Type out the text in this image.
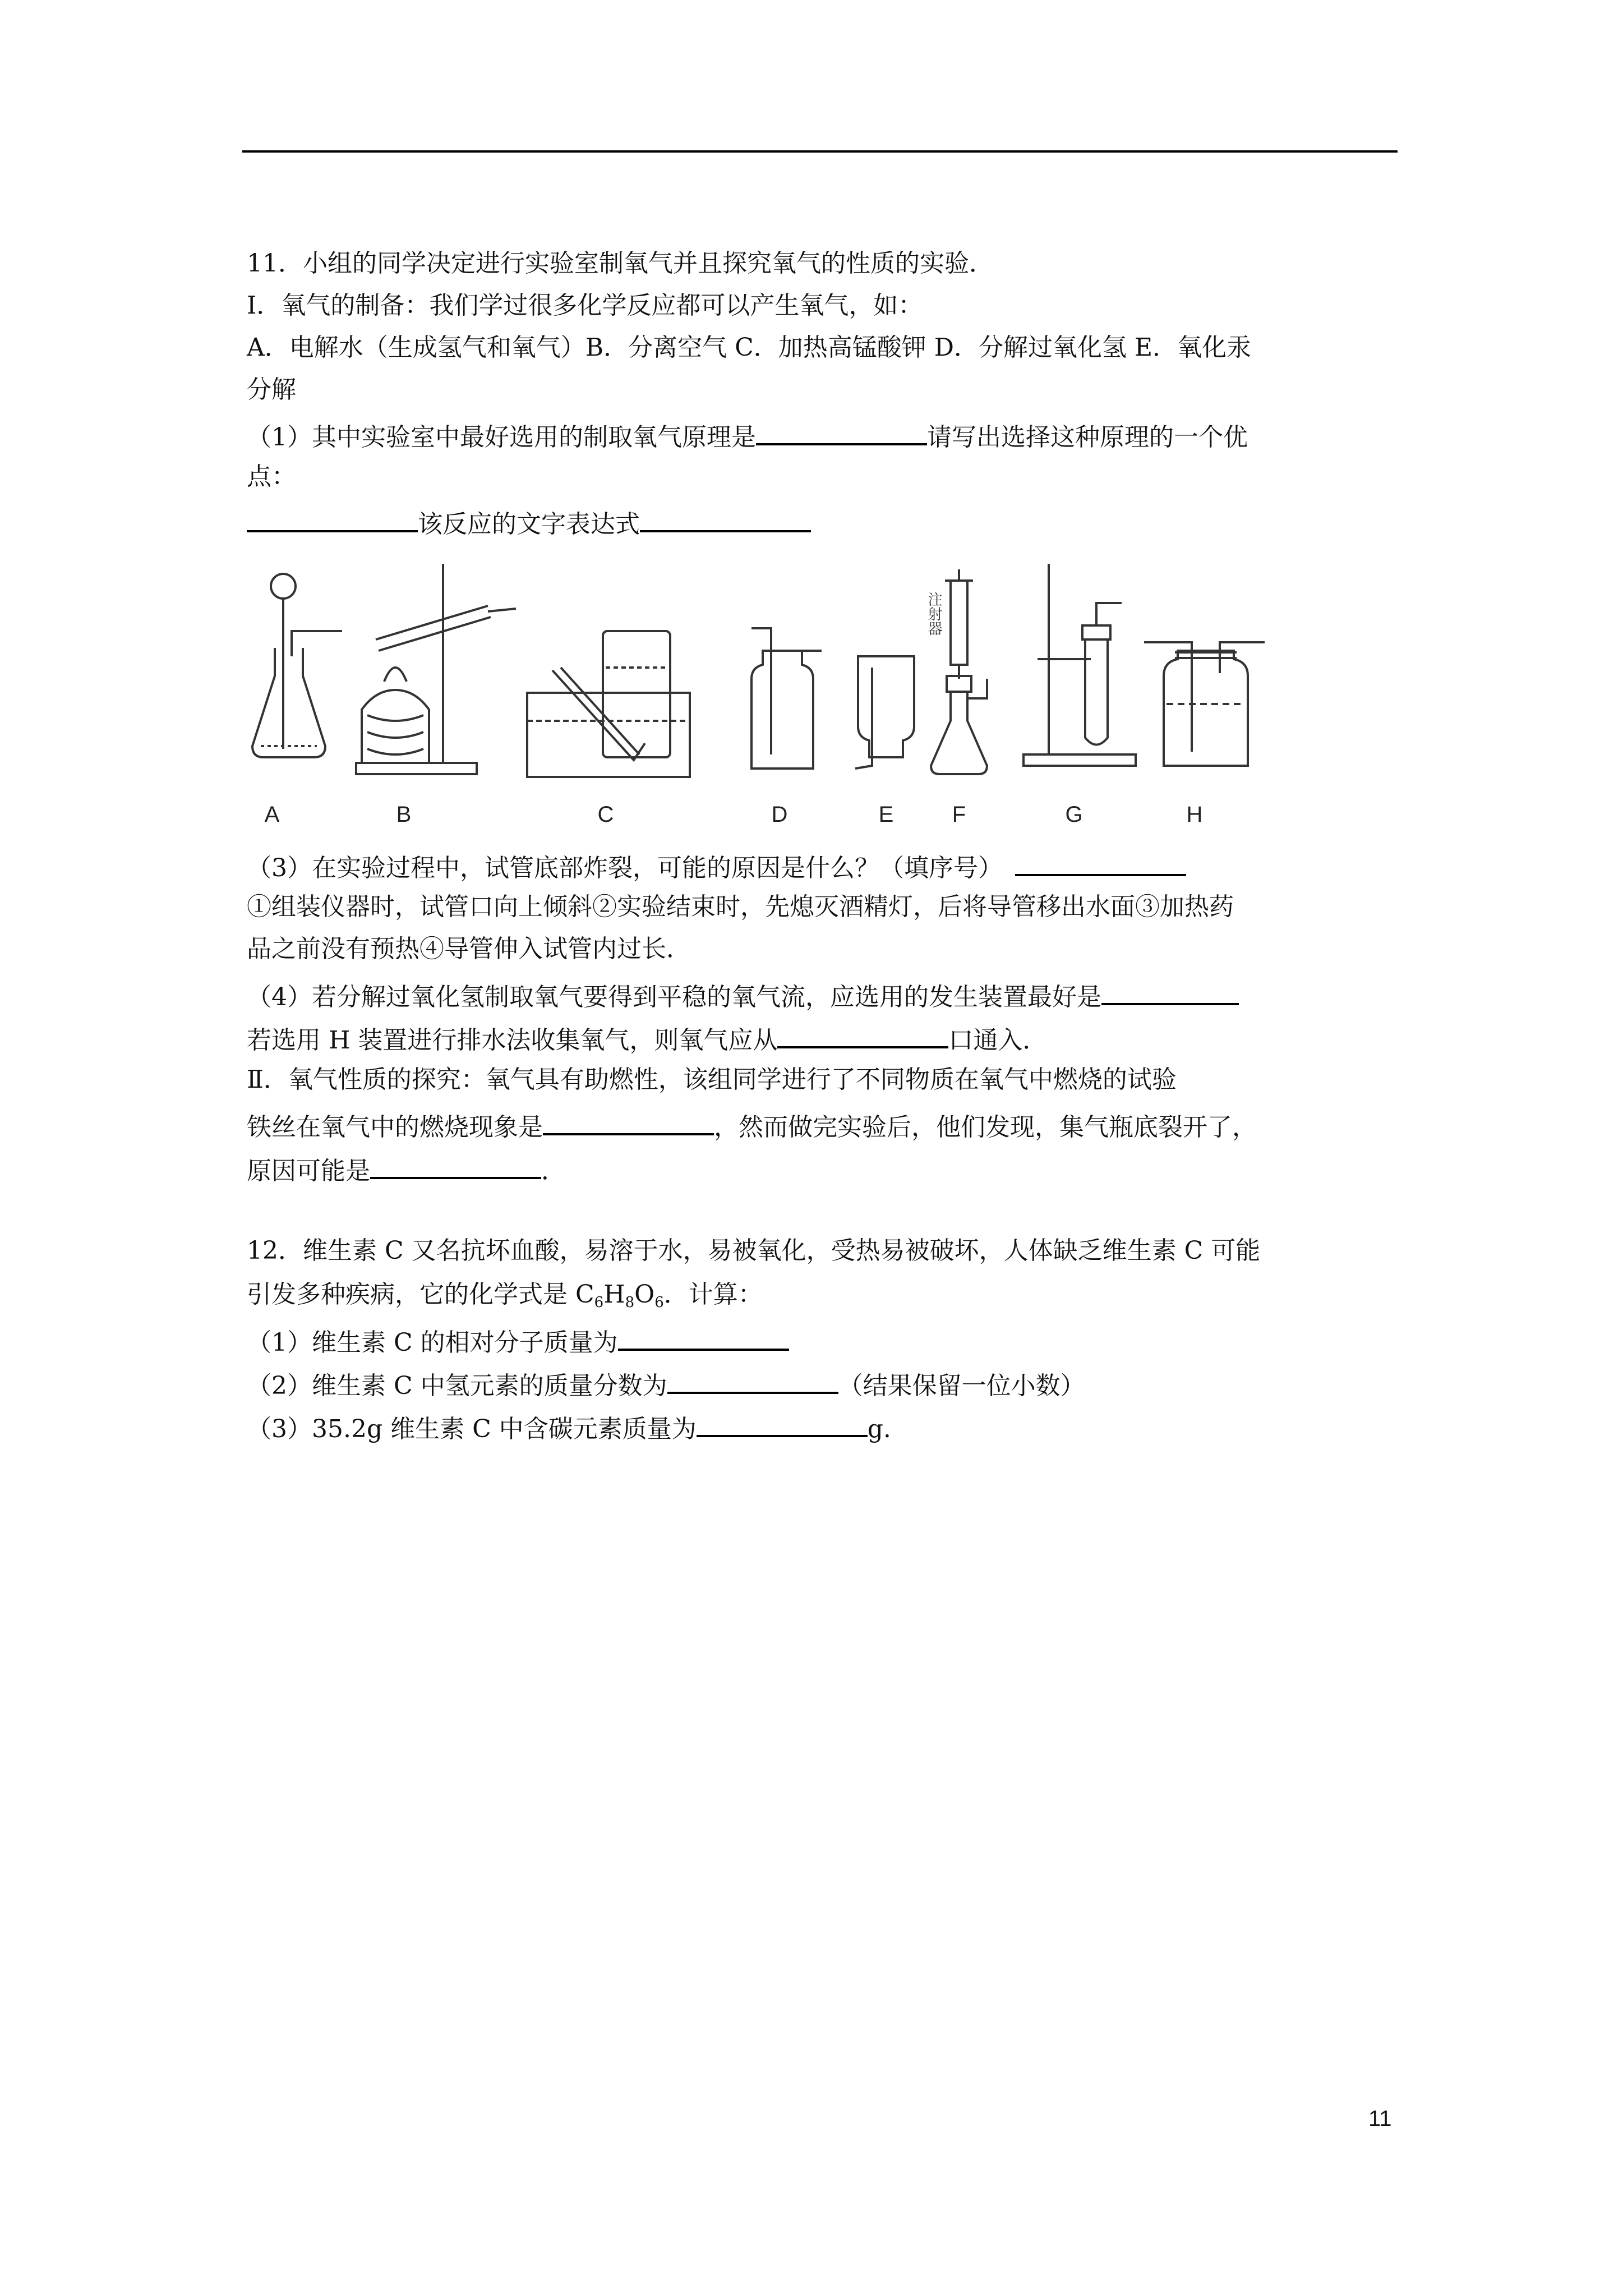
11．小组的同学决定进行实验室制氧气并且探究氧气的性质的实验．
Ⅰ．氧气的制备：我们学过很多化学反应都可以产生氧气，如：
A．电解水（生成氢气和氧气）B．分离空气 C．加热高锰酸钾 D．分解过氧化氢 E．氧化汞
分解
（1）其中实验室中最好选用的制取氧气原理是	请写出选择这种原理的一个优
点：
该反应的文字表达式
A	B	C	D	E
注射器
F	G	H
（3）在实验过程中，试管底部炸裂，可能的原因是什么？（填序号）
①组装仪器时，试管口向上倾斜②实验结束时，先熄灭酒精灯，后将导管移出水面③加热药
品之前没有预热④导管伸入试管内过长．
（4）若分解过氧化氢制取氧气要得到平稳的氧气流，应选用的发生装置最好是
若选用 H 装置进行排水法收集氧气，则氧气应从	口通入．
Ⅱ．氧气性质的探究：氧气具有助燃性，该组同学进行了不同物质在氧气中燃烧的试验
铁丝在氧气中的燃烧现象是	，然而做完实验后，他们发现，集气瓶底裂开了，
原因可能是	．
12．维生素 C 又名抗坏血酸，易溶于水，易被氧化，受热易被破坏，人体缺乏维生素 C 可能
引发多种疾病，它的化学式是 $C_6H_8O_6$．计算：
（1）维生素 C 的相对分子质量为
（2）维生素 C 中氢元素的质量分数为	（结果保留一位小数）
（3）35.2g 维生素 C 中含碳元素质量为	g.
11
